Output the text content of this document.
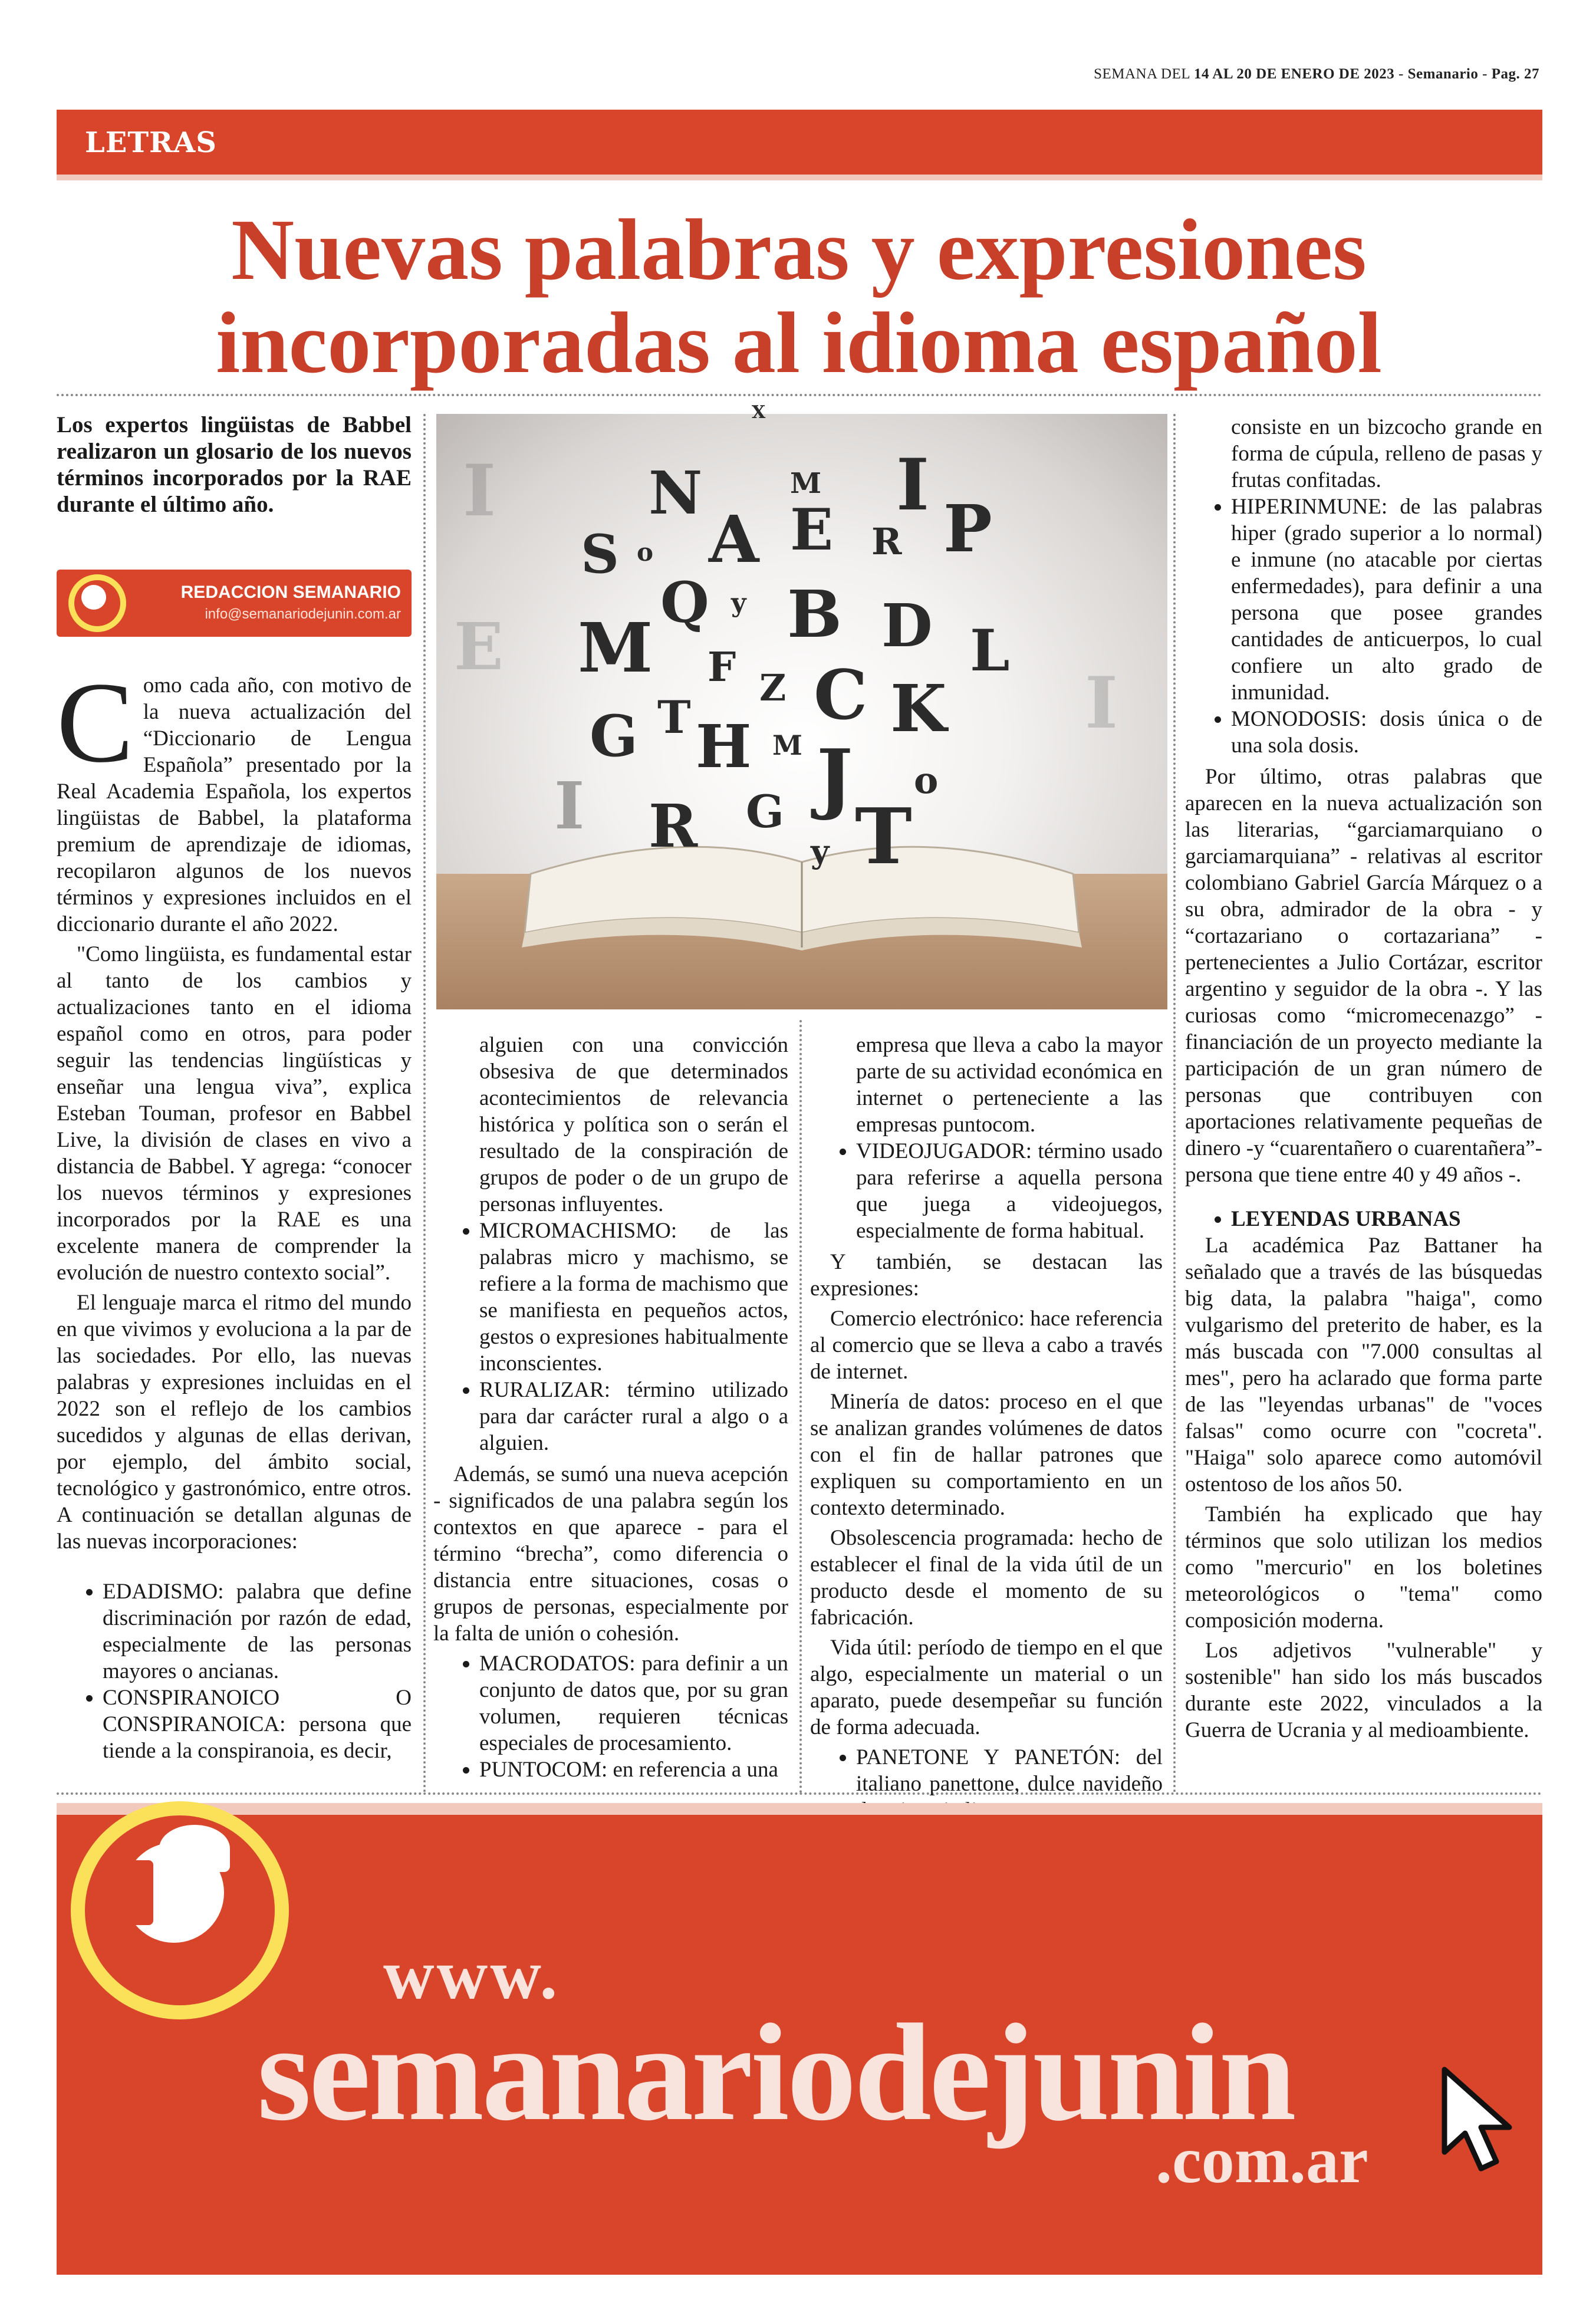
SEMANA DEL 14 AL 20 DE ENERO DE 2023 - Semanario - Pag. 27
LETRAS
Nuevas palabras y expresiones
incorporadas al idioma español
Los expertos lingüistas de Babbel realizaron un glosario de los nuevos términos incorporados por la RAE durante el último año.
REDACCION SEMANARIO
info@semanariodejunin.com.ar

Como cada año, con motivo de la nueva actualización del “Diccionario de Lengua Española” presentado por la Real Academia Española, los expertos lingüistas de Babbel, la plataforma premium de aprendizaje de idiomas, recopilaron algunos de los nuevos términos y expresiones incluidos en el diccionario durante el año 2022.

"Como lingüista, es fundamental estar al tanto de los cambios y actualizaciones tanto en el idioma español como en otros, para poder seguir las tendencias lingüísticas y enseñar una lengua viva”, explica Esteban Touman, profesor en Babbel Live, la división de clases en vivo a distancia de Babbel. Y agrega: “conocer los nuevos términos y expresiones incorporados por la RAE es una excelente manera de comprender la evolución de nuestro contexto social”.

El lenguaje marca el ritmo del mundo en que vivimos y evoluciona a la par de las sociedades. Por ello, las nuevas palabras y expresiones incluidas en el 2022 son el reflejo de los cambios sucedidos y algunas de ellas derivan, por ejemplo, del ámbito social, tecnológico y gastronómico, entre otros. A continuación se detallan algunas de las nuevas incorporaciones:

• EDADISMO: palabra que define discriminación por razón de edad, especialmente de las personas mayores o ancianas.
• CONSPIRANOICO O CONSPIRANOICA: persona que tiende a la conspiranoia, es decir,
I
E
I
X
N	M I
S o A E R P
Q y B
M	D L
F Z C K
G T H M J o
I R G T
y
alguien con una convicción obsesiva de que determinados acontecimientos de relevancia histórica y política son o serán el resultado de la conspiración de grupos de poder o de un grupo de personas influyentes.
• MICROMACHISMO: de las palabras micro y machismo, se refiere a la forma de machismo que se manifiesta en pequeños actos, gestos o expresiones habitualmente inconscientes.
• RURALIZAR: término utilizado para dar carácter rural a algo o a alguien.

Además, se sumó una nueva acepción - significados de una palabra según los contextos en que aparece - para el término “brecha”, como diferencia o distancia entre situaciones, cosas o grupos de personas, especialmente por la falta de unión o cohesión.

• MACRODATOS: para definir a un conjunto de datos que, por su gran volumen, requieren técnicas especiales de procesamiento.
• PUNTOCOM: en referencia a una
empresa que lleva a cabo la mayor parte de su actividad económica en internet o perteneciente a las empresas puntocom.
• VIDEOJUGADOR: término usado para referirse a aquella persona que juega a videojuegos, especialmente de forma habitual.

Y también, se destacan las expresiones:

Comercio electrónico: hace referencia al comercio que se lleva a cabo a través de internet.

Minería de datos: proceso en el que se analizan grandes volúmenes de datos con el fin de hallar patrones que expliquen su comportamiento en un contexto determinado.

Obsolescencia programada: hecho de establecer el final de la vida útil de un producto desde el momento de su fabricación.

Vida útil: período de tiempo en el que algo, especialmente un material o un aparato, puede desempeñar su función de forma adecuada.

• PANETONE Y PANETÓN: del italiano panettone, dulce navideño
consiste en un bizcocho grande en forma de cúpula, relleno de pasas y frutas confitadas.
• HIPERINMUNE: de las palabras hiper (grado superior a lo normal) e inmune (no atacable por ciertas enfermedades), para definir a una persona que posee grandes cantidades de anticuerpos, lo cual confiere un alto grado de inmunidad.
• MONODOSIS: dosis única o de una sola dosis.

Por último, otras palabras que aparecen en la nueva actualización son las literarias, “garciamarquiano o garciamarquiana” - relativas al escritor colombiano Gabriel García Márquez o a su obra, admirador de la obra - y “cortazariano o cortazariana” - pertenecientes a Julio Cortázar, escritor argentino y seguidor de la obra -. Y las curiosas como “micromecenazgo” - financiación de un proyecto mediante la participación de un gran número de personas que contribuyen con aportaciones relativamente pequeñas de dinero -y “cuarentañero o cuarentañera”- persona que tiene entre 40 y 49 años -.

• LEYENDAS URBANAS

La académica Paz Battaner ha señalado que a través de las búsquedas big data, la palabra "haiga", como vulgarismo del preterito de haber, es la más buscada con "7.000 consultas al mes", pero ha aclarado que forma parte de las "leyendas urbanas" de "voces falsas" como ocurre con "cocreta". "Haiga" solo aparece como automóvil ostentoso de los años 50.

También ha explicado que hay términos que solo utilizan los medios como "mercurio" en los boletines meteorológicos o "tema" como composición moderna.

Los adjetivos "vulnerable" y sostenible" han sido los más buscados durante este 2022, vinculados a la Guerra de Ucrania y al medioambiente.

www.
semanariodejunin
.com.ar
